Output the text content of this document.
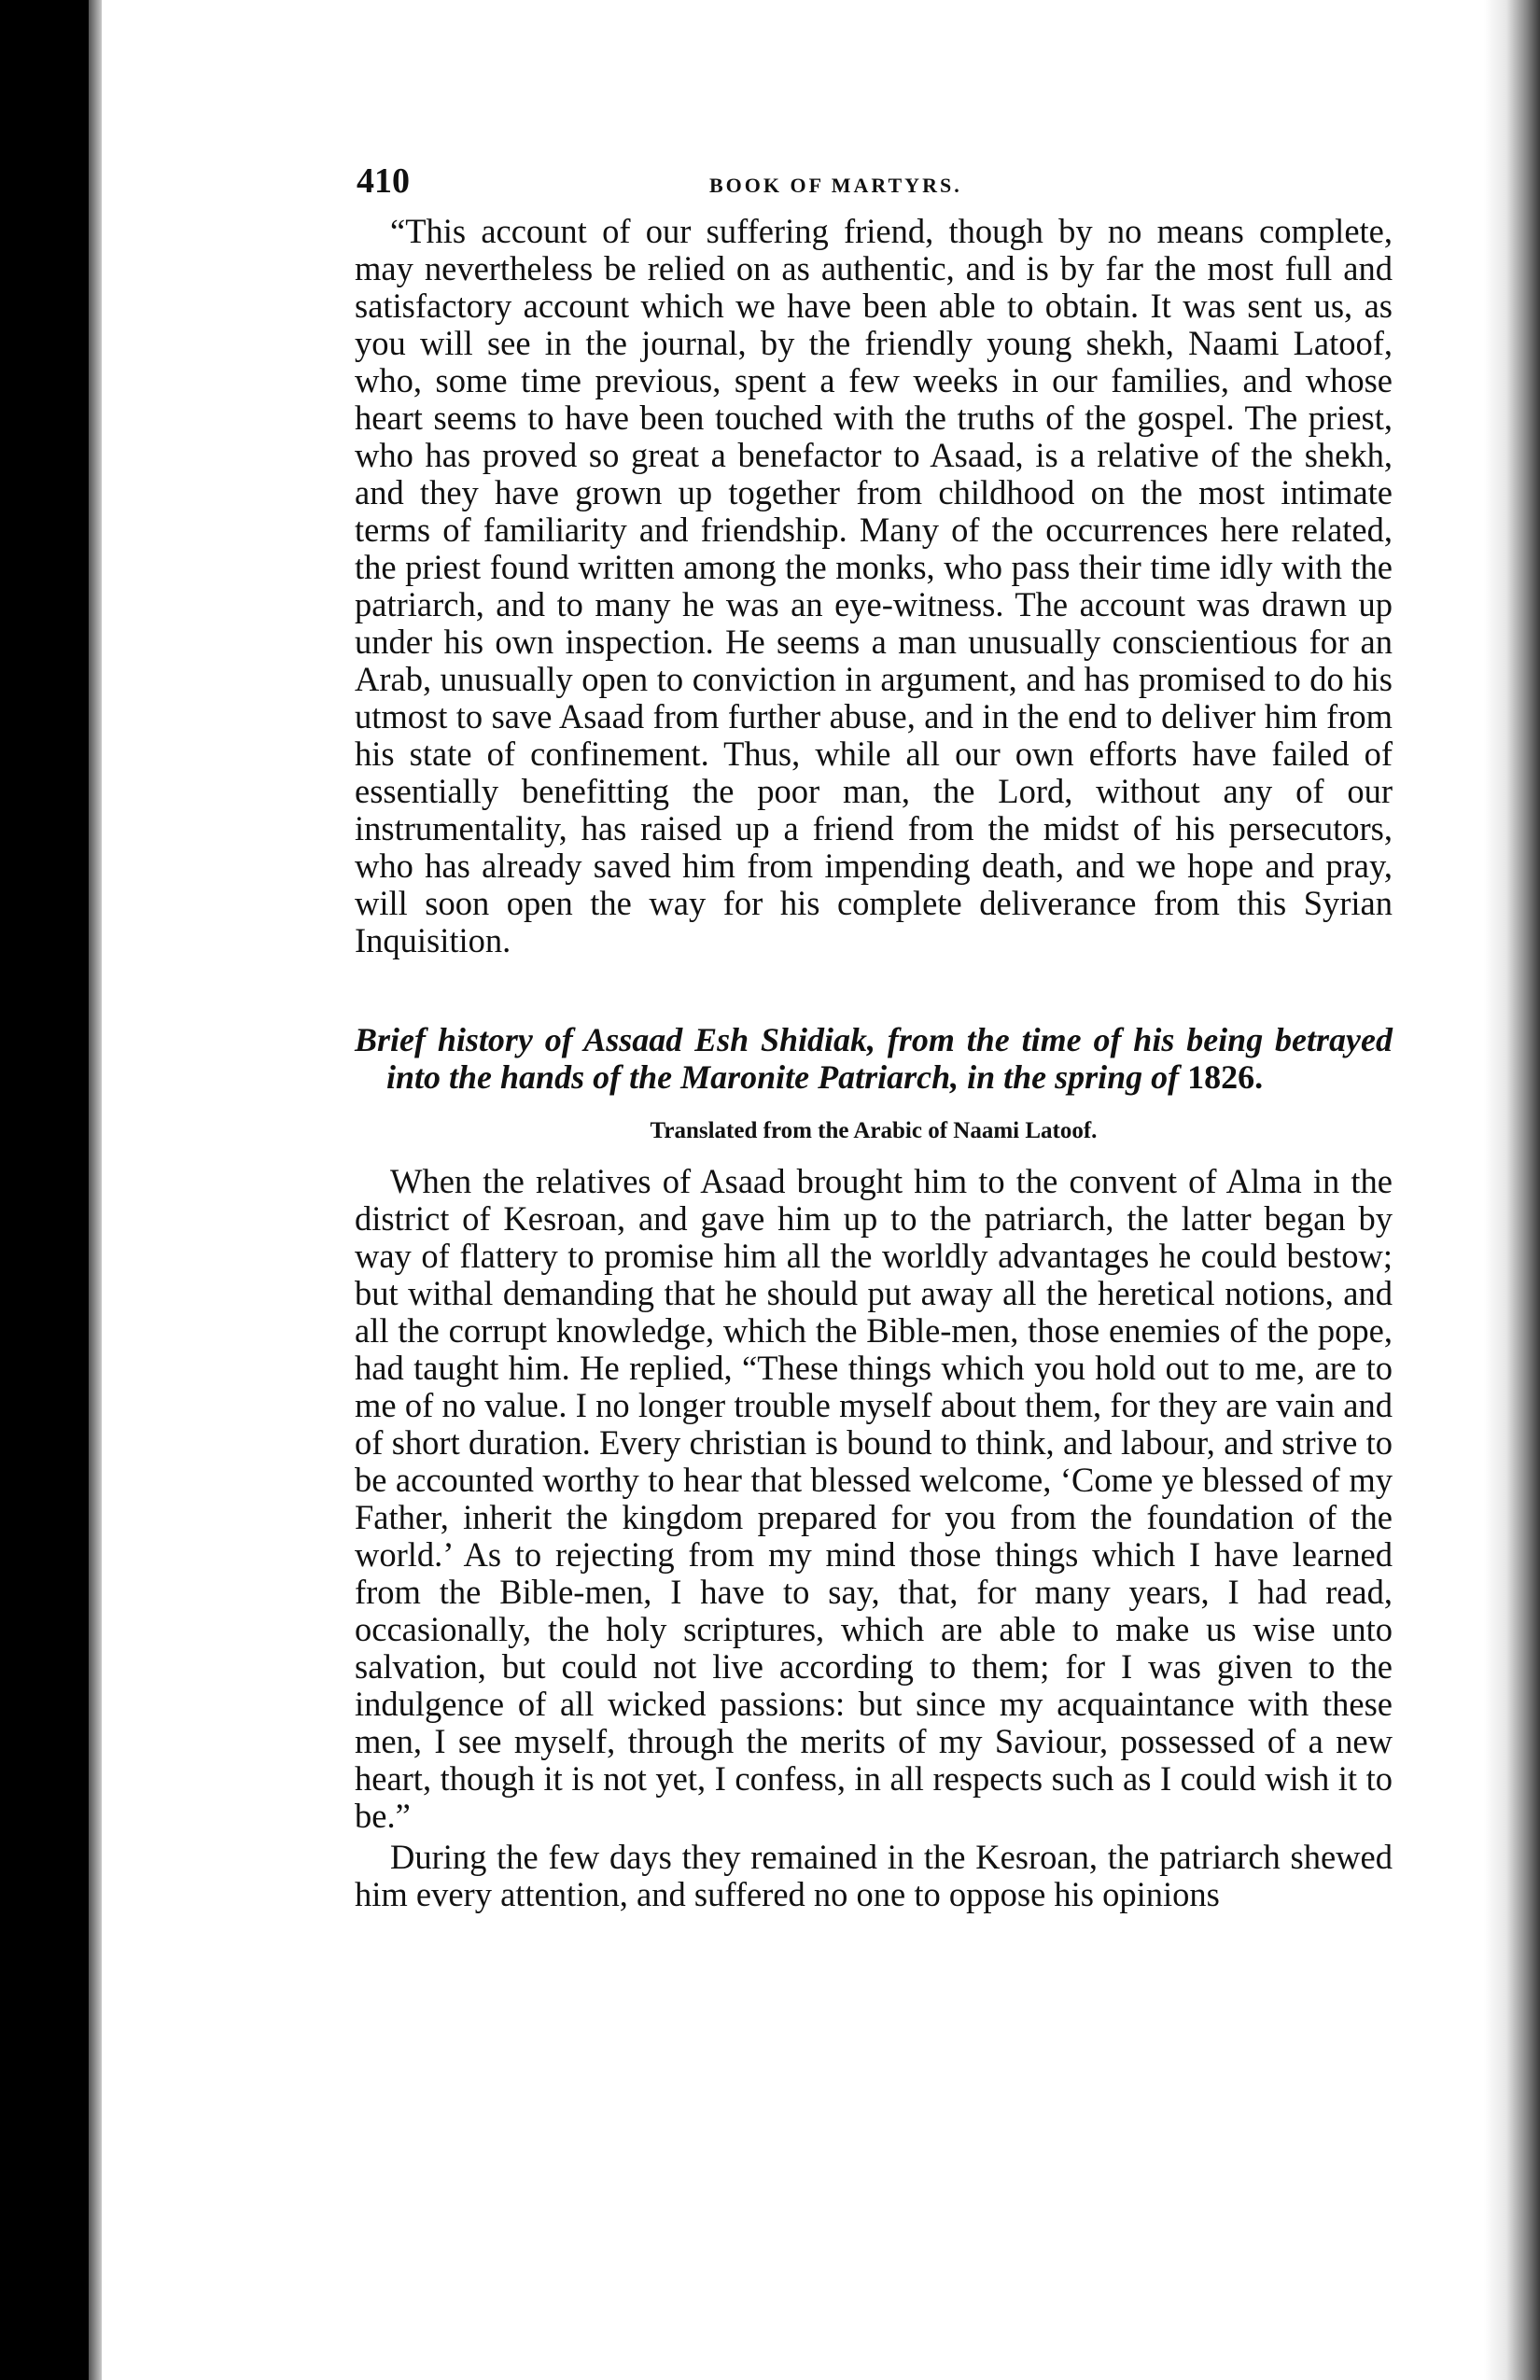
410	BOOK OF MARTYRS.

“This account of our suffering friend, though by no means complete, may nevertheless be relied on as authentic, and is by far the most full and satisfactory account which we have been able to obtain. It was sent us, as you will see in the journal, by the friendly young shekh, Naami Latoof, who, some time previous, spent a few weeks in our families, and whose heart seems to have been touched with the truths of the gospel. The priest, who has proved so great a benefactor to Asaad, is a relative of the shekh, and they have grown up together from childhood on the most intimate terms of familiarity and friendship. Many of the occurrences here related, the priest found written among the monks, who pass their time idly with the patriarch, and to many he was an eye-witness. The account was drawn up under his own inspection. He seems a man unusually conscientious for an Arab, unusually open to conviction in argument, and has promised to do his utmost to save Asaad from further abuse, and in the end to deliver him from his state of confinement. Thus, while all our own efforts have failed of essentially benefitting the poor man, the Lord, without any of our instrumentality, has raised up a friend from the midst of his persecutors, who has already saved him from impending death, and we hope and pray, will soon open the way for his complete deliverance from this Syrian Inquisition.

Brief history of Assaad Esh Shidiak, from the time of his being betrayed into the hands of the Maronite Patriarch, in the spring of 1826.

Translated from the Arabic of Naami Latoof.

When the relatives of Asaad brought him to the convent of Alma in the district of Kesroan, and gave him up to the patriarch, the latter began by way of flattery to promise him all the worldly advantages he could bestow; but withal demanding that he should put away all the heretical notions, and all the corrupt knowledge, which the Bible-men, those enemies of the pope, had taught him. He replied, “These things which you hold out to me, are to me of no value. I no longer trouble myself about them, for they are vain and of short duration. Every christian is bound to think, and labour, and strive to be accounted worthy to hear that blessed welcome, ‘Come ye blessed of my Father, inherit the kingdom prepared for you from the foundation of the world.’ As to rejecting from my mind those things which I have learned from the Bible-men, I have to say, that, for many years, I had read, occasionally, the holy scriptures, which are able to make us wise unto salvation, but could not live according to them; for I was given to the indulgence of all wicked passions: but since my acquaintance with these men, I see myself, through the merits of my Saviour, possessed of a new heart, though it is not yet, I confess, in all respects such as I could wish it to be.”

During the few days they remained in the Kesroan, the patriarch shewed him every attention, and suffered no one to oppose his opinions
